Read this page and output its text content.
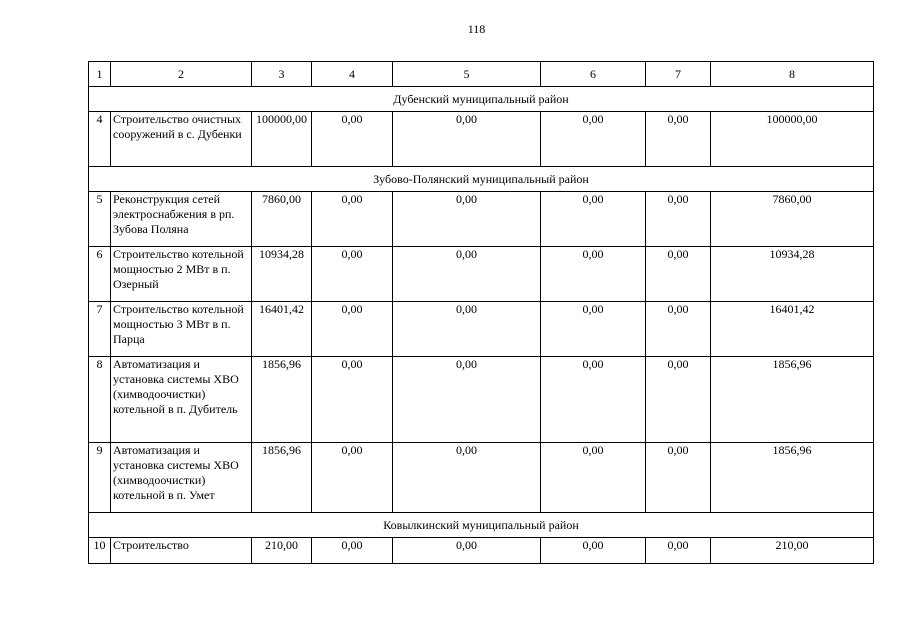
118
1	2	3	4	5	6	7	8
Дубенский муниципальный район							
4	Строительство очистных сооружений в с. Дубенки	100000,00	0,00	0,00	0,00	0,00	100000,00
Зубово-Полянский муниципальный район							
5	Реконструкция сетей электроснабжения в рп. Зубова Поляна	7860,00	0,00	0,00	0,00	0,00	7860,00
6	Строительство котельной мощностью 2 МВт в п. Озерный	10934,28	0,00	0,00	0,00	0,00	10934,28
7	Строительство котельной мощностью 3 МВт в п. Парца	16401,42	0,00	0,00	0,00	0,00	16401,42
8	Автоматизация и установка системы ХВО (химводоочистки) котельной в п. Дубитель	1856,96	0,00	0,00	0,00	0,00	1856,96
9	Автоматизация и установка системы ХВО (химводоочистки) котельной в п. Умет	1856,96	0,00	0,00	0,00	0,00	1856,96
Ковылкинский муниципальный район							
10	Строительство	210,00	0,00	0,00	0,00	0,00	210,00
